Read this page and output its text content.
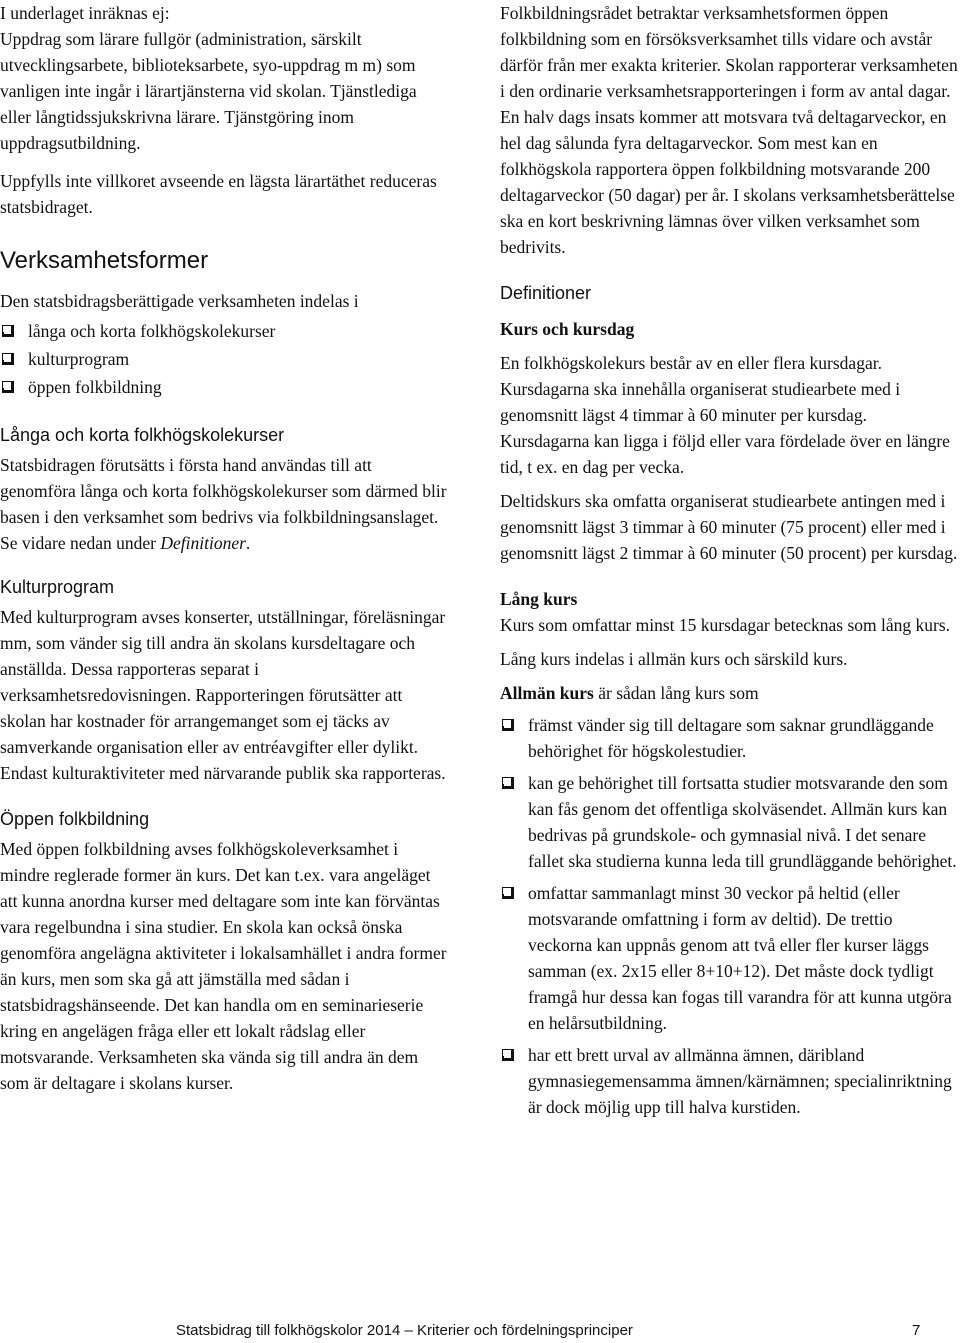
I underlaget inräknas ej:

Uppdrag som lärare fullgör (administration, särskilt utvecklingsarbete, biblioteksarbete, syo-uppdrag m m) som vanligen inte ingår i lärartjänsterna vid skolan. Tjänstlediga eller långtidssjukskrivna lärare. Tjänstgöring inom uppdragsutbildning.

Uppfylls inte villkoret avseende en lägsta lärartäthet reduceras statsbidraget.

Verksamhetsformer

Den statsbidragsberättigade verksamheten indelas i

långa och korta folkhögskolekurser
kulturprogram
öppen folkbildning
Långa och korta folkhögskolekurser

Statsbidragen förutsätts i första hand användas till att genomföra långa och korta folkhögskolekurser som därmed blir basen i den verksamhet som bedrivs via folkbildningsanslaget.

Se vidare nedan under Definitioner.

Kulturprogram

Med kulturprogram avses konserter, utställningar, föreläsningar mm, som vänder sig till andra än skolans kursdeltagare och anställda. Dessa rapporteras separat i verksamhetsredovisningen. Rapporteringen förutsätter att skolan har kostnader för arrangemanget som ej täcks av samverkande organisation eller av entréavgifter eller dylikt. Endast kulturaktiviteter med närvarande publik ska rapporteras.

Öppen folkbildning

Med öppen folkbildning avses folkhögskoleverksamhet i mindre reglerade former än kurs. Det kan t.ex. vara angeläget att kunna anordna kurser med deltagare som inte kan förväntas vara regelbundna i sina studier. En skola kan också önska genomföra angelägna aktiviteter i lokalsamhället i andra former än kurs, men som ska gå att jämställa med sådan i statsbidragshänseende. Det kan handla om en seminarieserie kring en angelägen fråga eller ett lokalt rådslag eller motsvarande. Verksamheten ska vända sig till andra än dem som är deltagare i skolans kurser.

Folkbildningsrådet betraktar verksamhetsformen öppen folkbildning som en försöksverksamhet tills vidare och avstår därför från mer exakta kriterier. Skolan rapporterar verksamheten i den ordinarie verksamhetsrapporteringen i form av antal dagar. En halv dags insats kommer att motsvara två deltagarveckor, en hel dag sålunda fyra deltagarveckor. Som mest kan en folkhögskola rapportera öppen folkbildning motsvarande 200 deltagarveckor (50 dagar) per år. I skolans verksamhetsberättelse ska en kort beskrivning lämnas över vilken verksamhet som bedrivits.

Definitioner

Kurs och kursdag

En folkhögskolekurs består av en eller flera kursdagar. Kursdagarna ska innehålla organiserat studiearbete med i genomsnitt lägst 4 timmar à 60 minuter per kursdag. Kursdagarna kan ligga i följd eller vara fördelade över en längre tid, t ex. en dag per vecka.

Deltidskurs ska omfatta organiserat studiearbete antingen med i genomsnitt lägst 3 timmar à 60 minuter (75 procent) eller med i genomsnitt lägst 2 timmar à 60 minuter (50 procent) per kursdag.

Lång kurs

Kurs som omfattar minst 15 kursdagar betecknas som lång kurs.

Lång kurs indelas i allmän kurs och särskild kurs.

Allmän kurs är sådan lång kurs som

främst vänder sig till deltagare som saknar grundläggande behörighet för högskolestudier.
kan ge behörighet till fortsatta studier motsvarande den som kan fås genom det offentliga skolväsendet. Allmän kurs kan bedrivas på grundskole- och gymnasial nivå. I det senare fallet ska studierna kunna leda till grundläggande behörighet.
omfattar sammanlagt minst 30 veckor på heltid (eller motsvarande omfattning i form av deltid). De trettio veckorna kan uppnås genom att två eller fler kurser läggs samman (ex. 2x15 eller 8+10+12). Det måste dock tydligt framgå hur dessa kan fogas till varandra för att kunna utgöra en helårsutbildning.
har ett brett urval av allmänna ämnen, däribland gymnasiegemensamma ämnen/kärnämnen; specialinriktning är dock möjlig upp till halva kurstiden.
Statsbidrag till folkhögskolor 2014 – Kriterier och fördelningsprinciper	7
